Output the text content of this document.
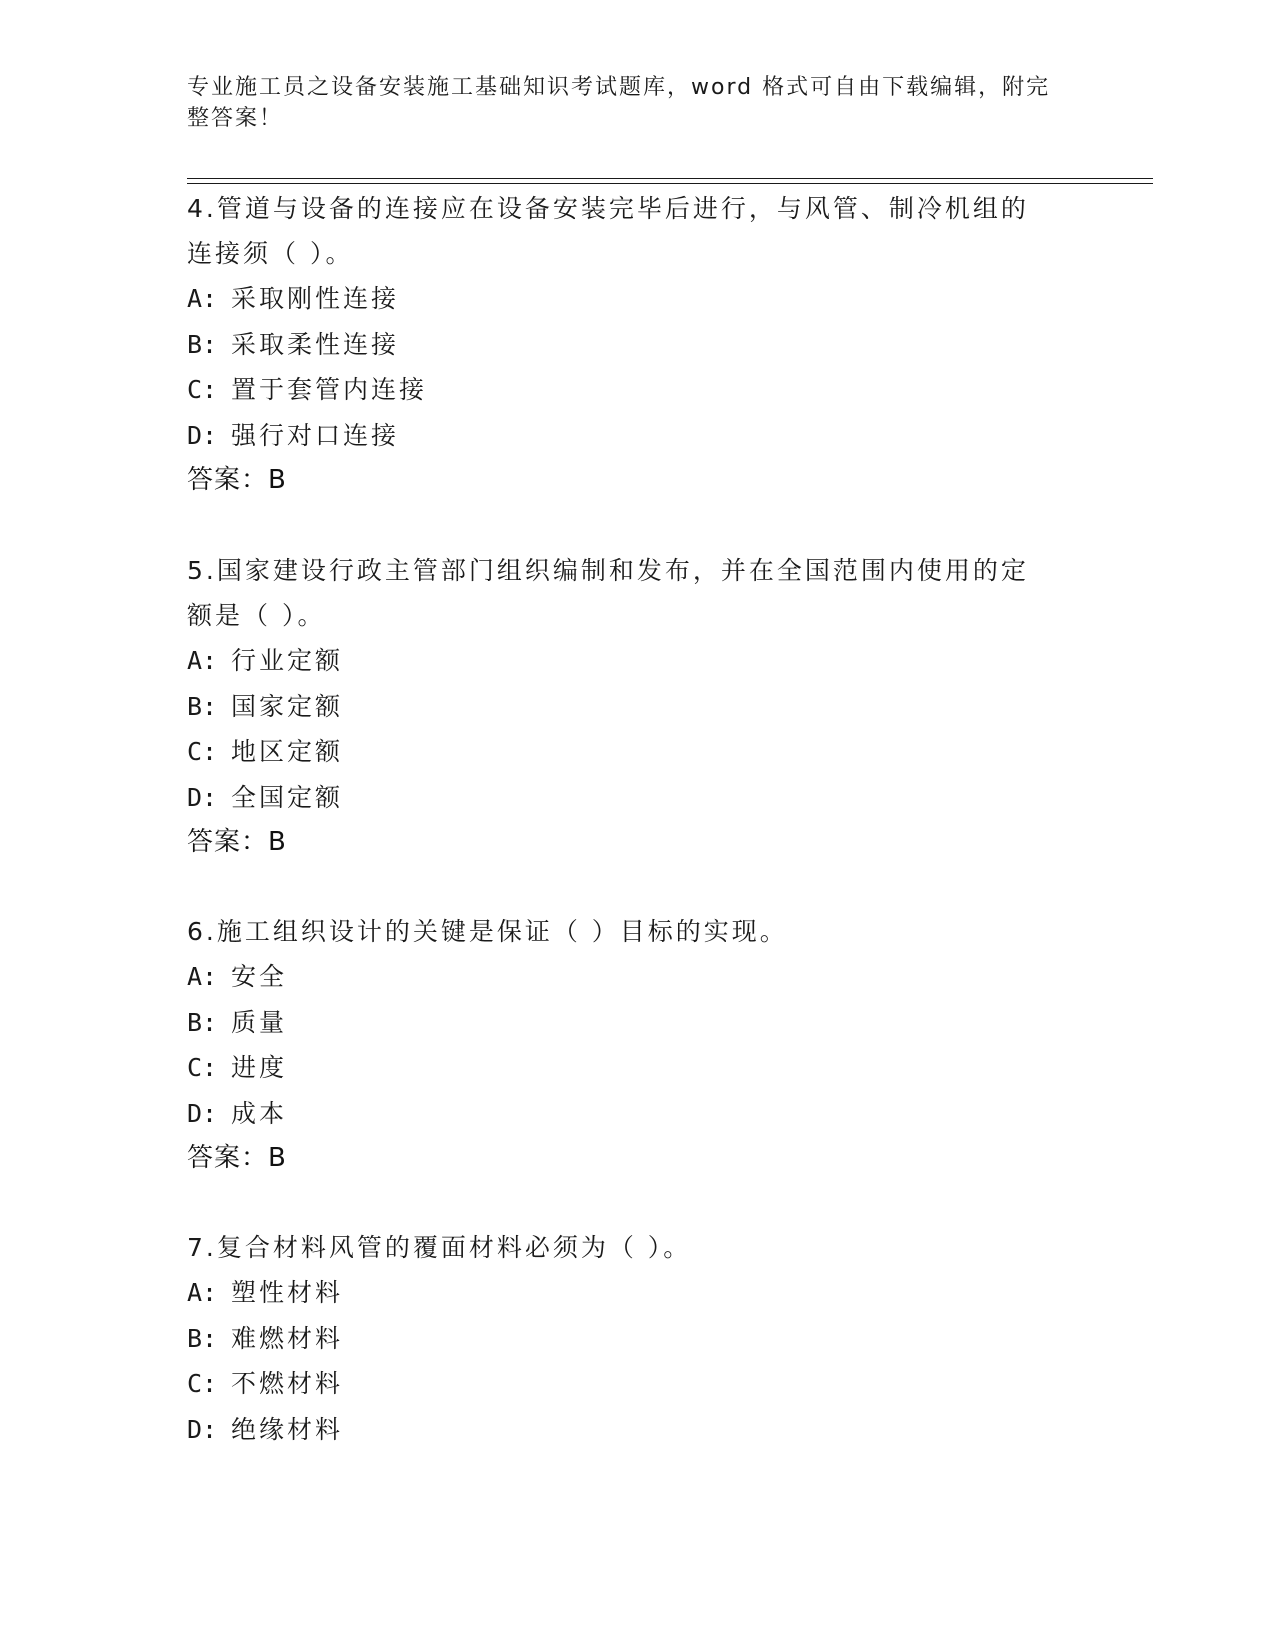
专业施工员之设备安装施工基础知识考试题库，word 格式可自由下载编辑，附完
整答案！
4.管道与设备的连接应在设备安装完毕后进行，与风管、制冷机组的
连接须（ ）。
A: 采取刚性连接
B: 采取柔性连接
C: 置于套管内连接
D: 强行对口连接
答案：B
5.国家建设行政主管部门组织编制和发布，并在全国范围内使用的定
额是（ ）。
A: 行业定额
B: 国家定额
C: 地区定额
D: 全国定额
答案：B
6.施工组织设计的关键是保证（ ）目标的实现。
A: 安全
B: 质量
C: 进度
D: 成本
答案：B
7.复合材料风管的覆面材料必须为（ ）。
A: 塑性材料
B: 难燃材料
C: 不燃材料
D: 绝缘材料
